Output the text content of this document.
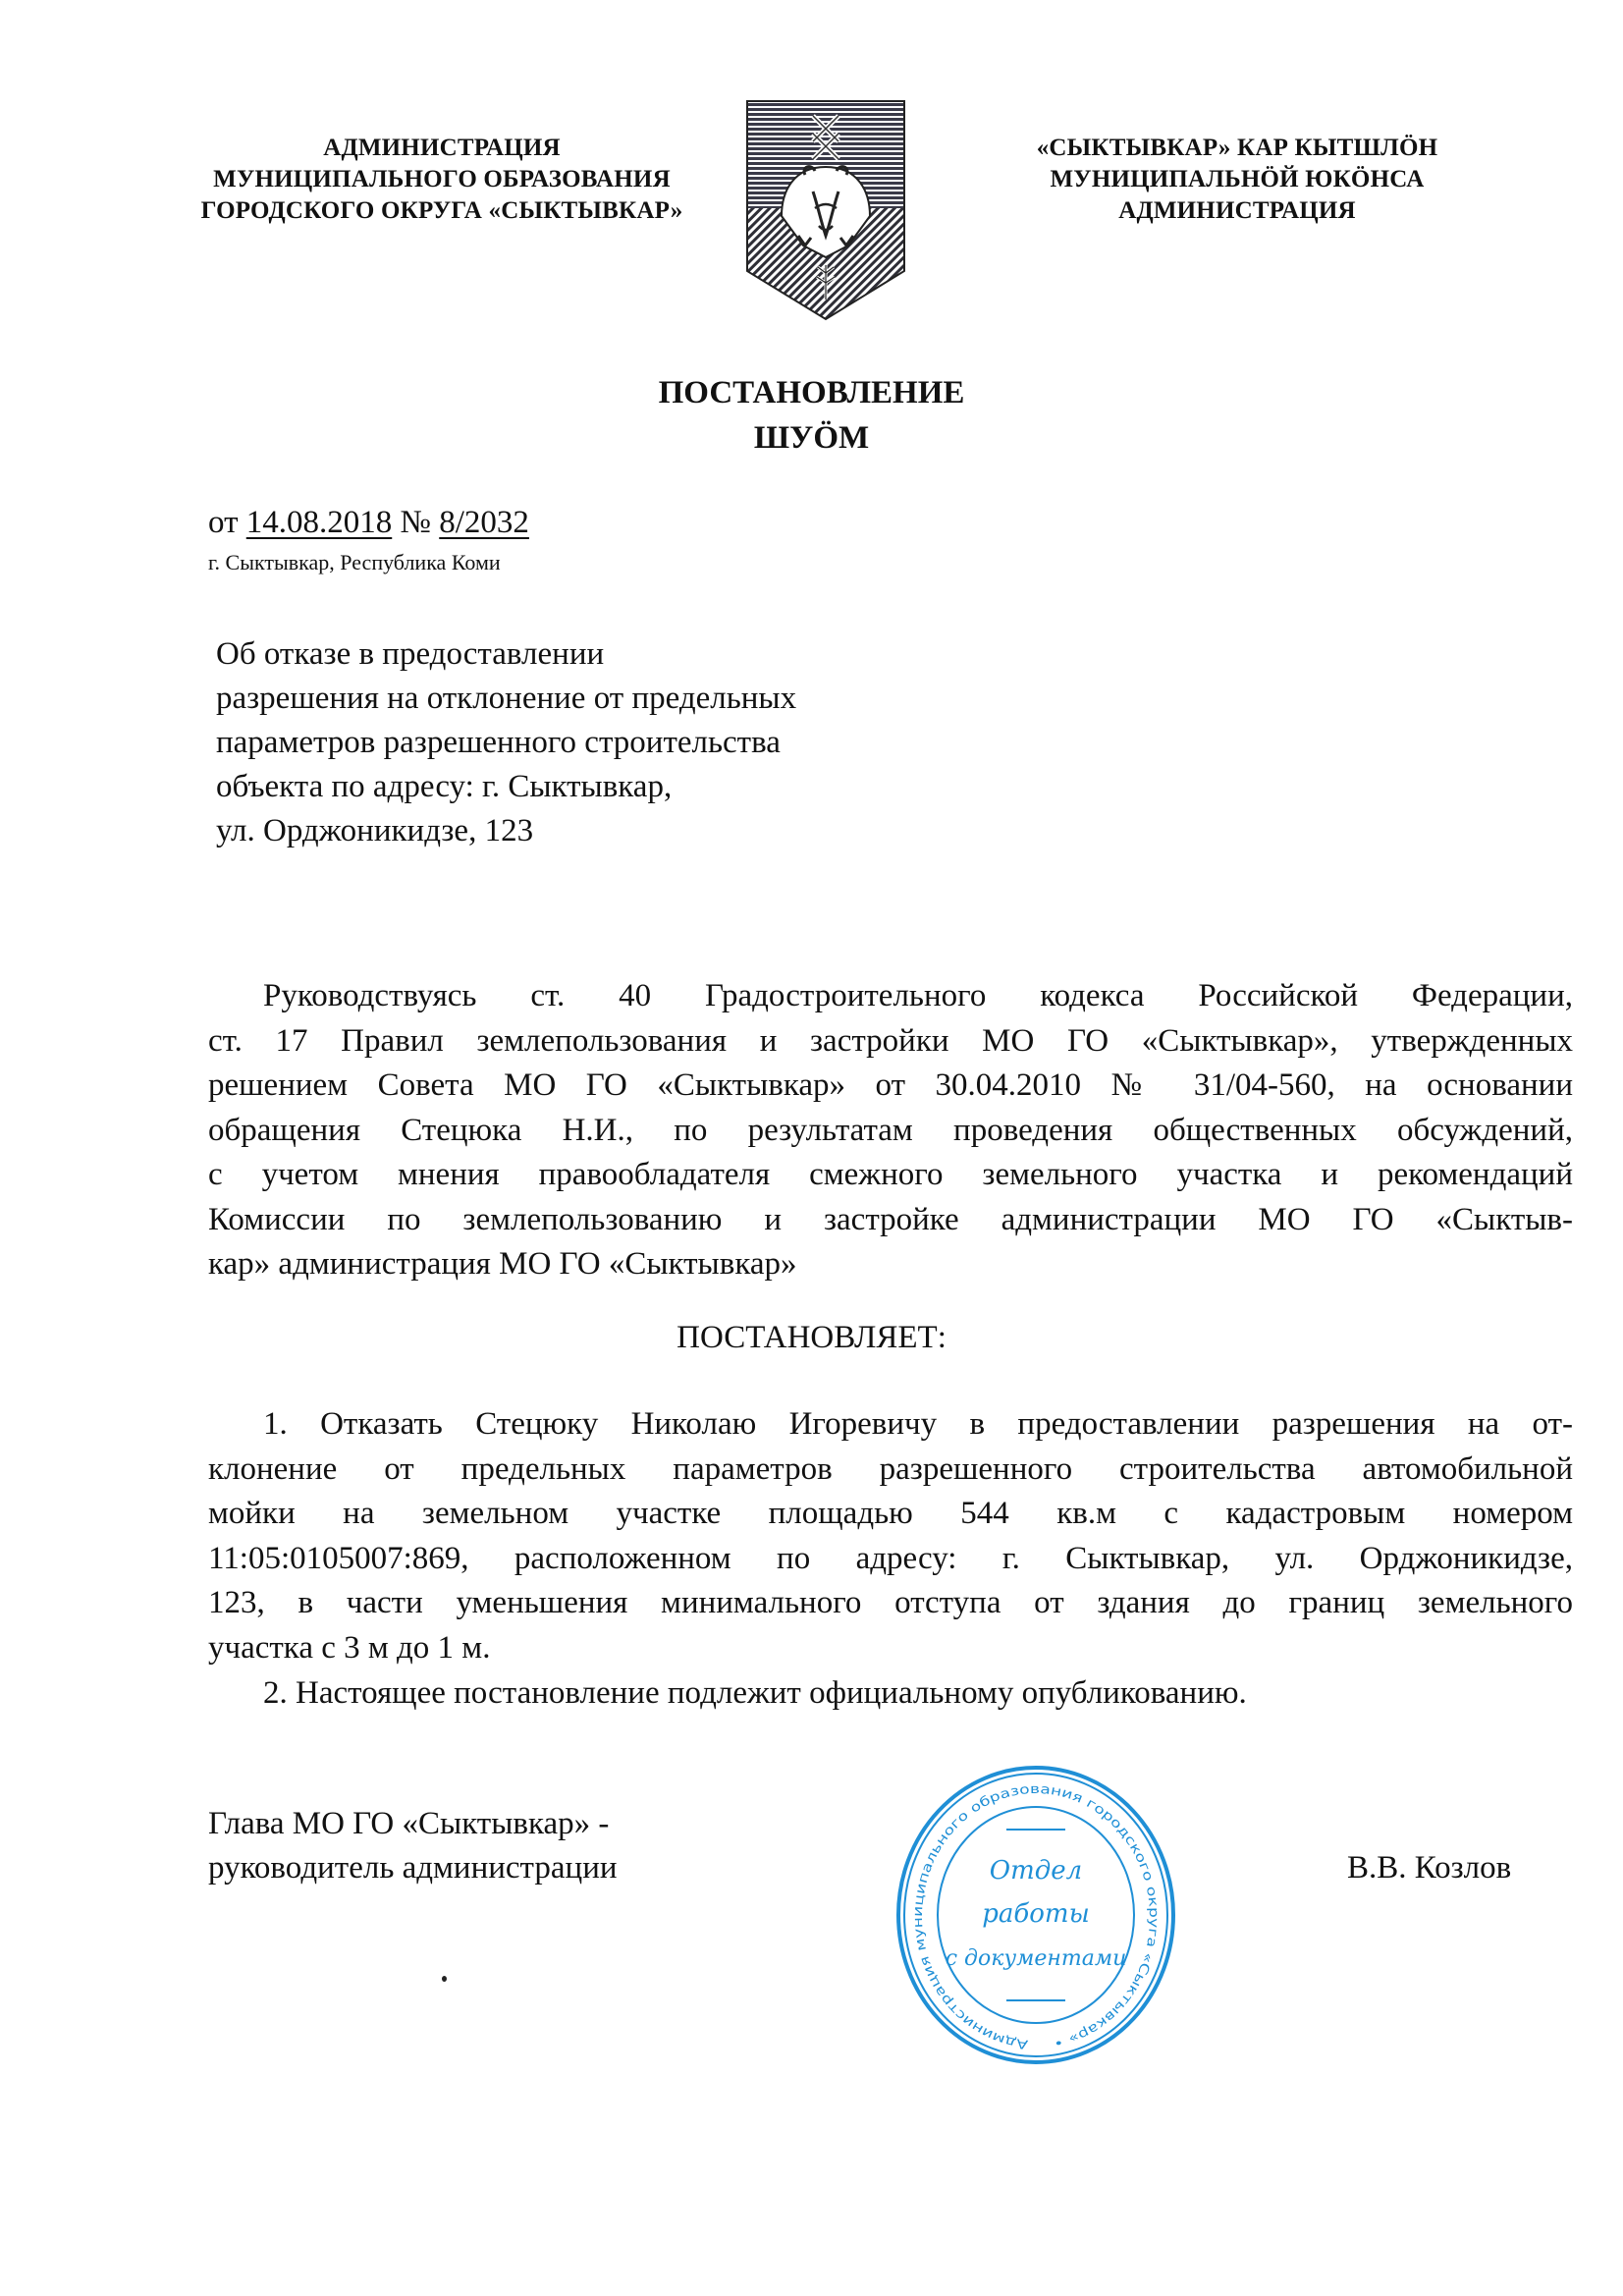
АДМИНИСТРАЦИЯ
МУНИЦИПАЛЬНОГО ОБРАЗОВАНИЯ
ГОРОДСКОГО ОКРУГА «СЫКТЫВКАР»
«СЫКТЫВКАР» КАР КЫТШЛÖН
МУНИЦИПАЛЬНÖЙ ЮКÖНСА
АДМИНИСТРАЦИЯ
ПОСТАНОВЛЕНИЕ
ШУÖМ
от 14.08.2018 № 8/2032
г. Сыктывкар, Республика Коми
Об отказе в предоставлении
разрешения на отклонение от предельных
параметров разрешенного строительства
объекта по адресу: г. Сыктывкар,
ул. Орджоникидзе, 123
Руководствуясь ст. 40 Градостроительного кодекса Российской Федерации,
ст. 17 Правил землепользования и застройки МО ГО «Сыктывкар», утвержденных
решением Совета МО ГО «Сыктывкар» от 30.04.2010 № 31/04-560, на основании
обращения Стецюка Н.И., по результатам проведения общественных обсуждений,
с учетом мнения правообладателя смежного земельного участка и рекомендаций
Комиссии по землепользованию и застройке администрации МО ГО «Сыктыв-
кар» администрация МО ГО «Сыктывкар»
ПОСТАНОВЛЯЕТ:
1. Отказать Стецюку Николаю Игоревичу в предоставлении разрешения на от-
клонение от предельных параметров разрешенного строительства автомобильной
мойки на земельном участке площадью 544 кв.м с кадастровым номером
11:05:0105007:869, расположенном по адресу: г. Сыктывкар, ул. Орджоникидзе,
123, в части уменьшения минимального отступа от здания до границ земельного
участка с 3 м до 1 м.
2. Настоящее постановление подлежит официальному опубликованию.
Глава МО ГО «Сыктывкар» -
руководитель администрации	В.В. Козлов
Администрация муниципального образования городского округа «Сыктывкар» •
Отдел
работы
с документами
